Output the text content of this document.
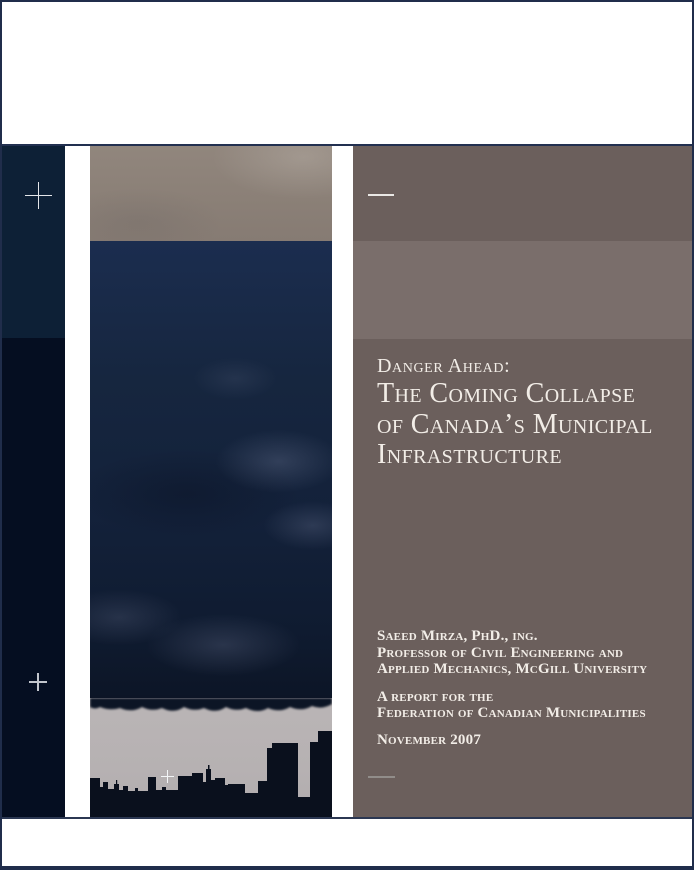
Danger Ahead:
The Coming Collapse
of Canada’s Municipal
Infrastructure

Saeed Mirza, PhD., ing.

Professor of Civil Engineering and

Applied Mechanics, McGill University

A report for the

Federation of Canadian Municipalities

November 2007
